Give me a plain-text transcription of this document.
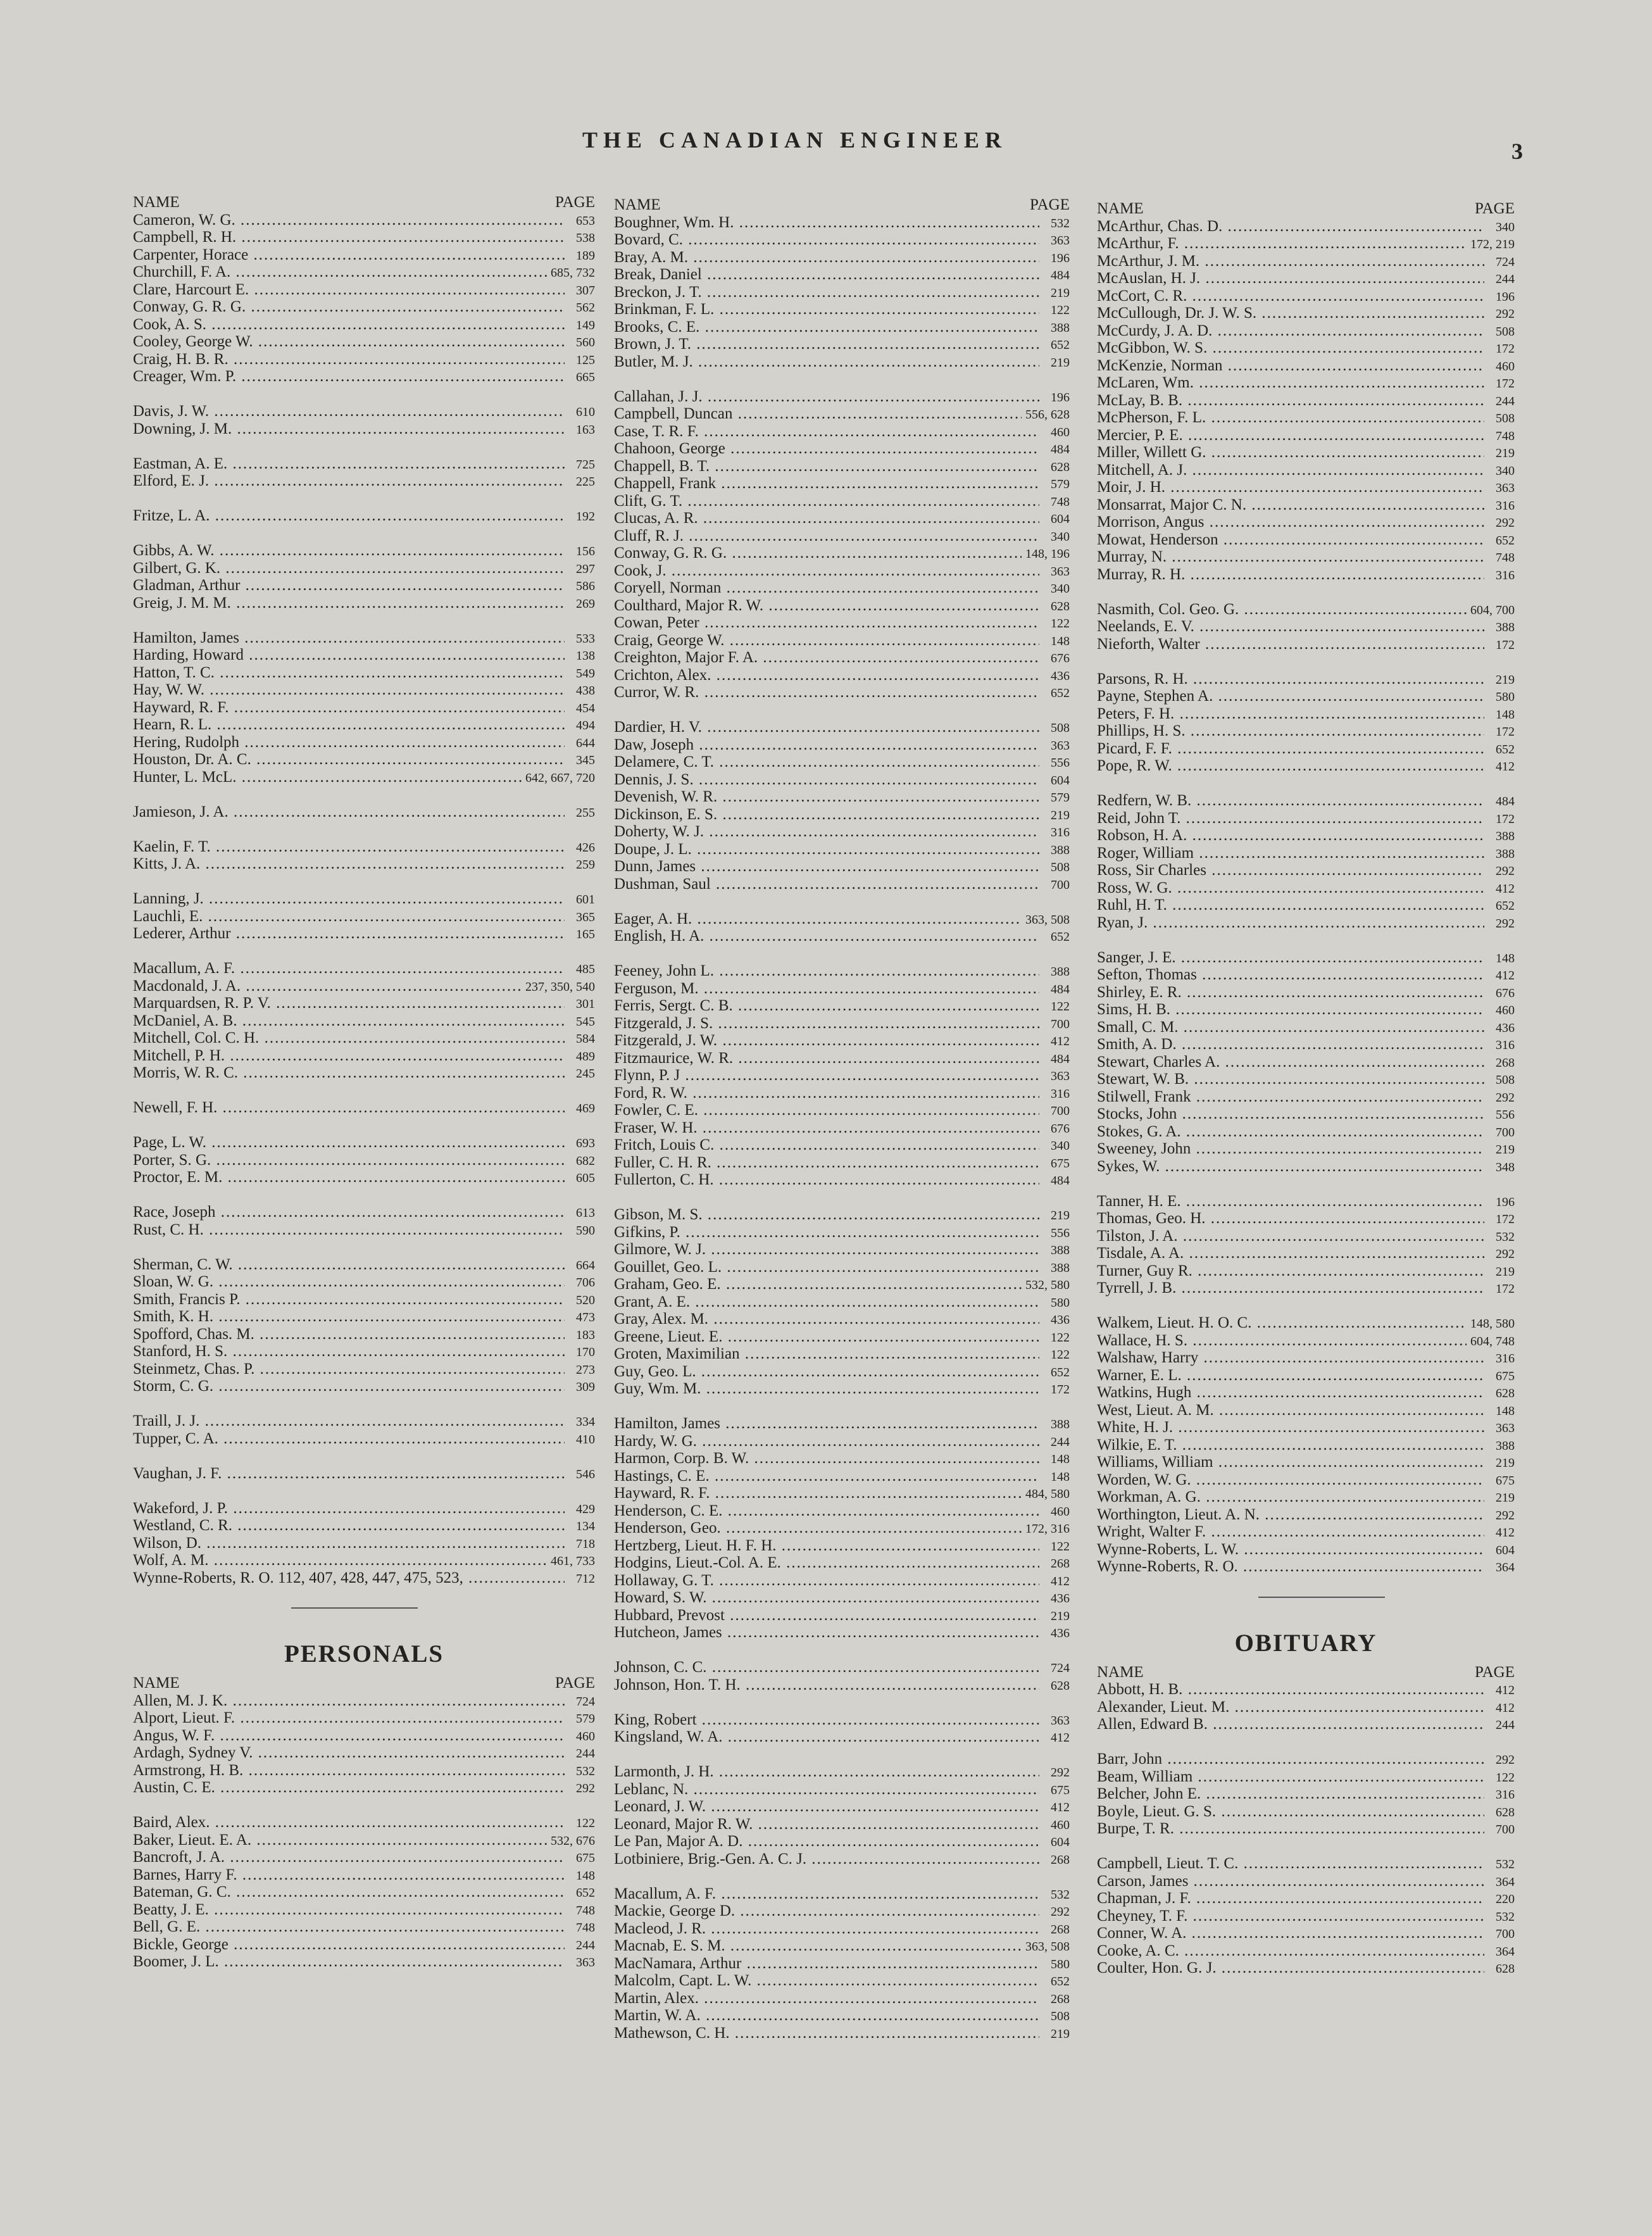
THE CANADIAN ENGINEER	3
NAME	PAGE
Cameron, W. G. .....	653
Campbell, R. H. .....	538
Carpenter, Horace .....	189
Churchill, F. A. .....	685, 732
Clare, Harcourt E. .....	307
Conway, G. R. G. .....	562
Cook, A. S. .....	149
Cooley, George W. .....	560
Craig, H. B. R. .....	125
Creager, Wm. P. .....	665
Davis, J. W. .....	610
Downing, J. M. .....	163
Eastman, A. E. .....	725
Elford, E. J. .....	225
Fritze, L. A. .....	192
Gibbs, A. W. .....	156
Gilbert, G. K. .....	297
Gladman, Arthur .....	586
Greig, J. M. M. .....	269
Hamilton, James .....	533
Harding, Howard .....	138
Hatton, T. C. .....	549
Hay, W. W. .....	438
Hayward, R. F. .....	454
Hearn, R. L. .....	494
Hering, Rudolph .....	644
Houston, Dr. A. C. .....	345
Hunter, L. McL. .....	642, 667, 720
Jamieson, J. A. .....	255
Kaelin, F. T. .....	426
Kitts, J. A. .....	259
Lanning, J. .....	601
Lauchli, E. .....	365
Lederer, Arthur .....	165
Macallum, A. F. .....	485
Macdonald, J. A. .....	237, 350, 540
Marquardsen, R. P. V. .....	301
McDaniel, A. B. .....	545
Mitchell, Col. C. H. .....	584
Mitchell, P. H. .....	489
Morris, W. R. C. .....	245
Newell, F. H. .....	469
Page, L. W. .....	693
Porter, S. G. .....	682
Proctor, E. M. .....	605
Race, Joseph .....	613
Rust, C. H. .....	590
Sherman, C. W. .....	664
Sloan, W. G. .....	706
Smith, Francis P. .....	520
Smith, K. H. .....	473
Spofford, Chas. M. .....	183
Stanford, H. S. .....	170
Steinmetz, Chas. P. .....	273
Storm, C. G. .....	309
Traill, J. J. .....	334
Tupper, C. A. .....	410
Vaughan, J. F. .....	546
Wakeford, J. P. .....	429
Westland, C. R. .....	134
Wilson, D. .....	718
Wolf, A. M. .....	461, 733
Wynne-Roberts, R. O. 112, 407, 428, 447, 475, 523, .....	712
PERSONALS
NAME	PAGE
Allen, M. J. K. .....	724
Alport, Lieut. F. .....	579
Angus, W. F. .....	460
Ardagh, Sydney V. .....	244
Armstrong, H. B. .....	532
Austin, C. E. .....	292
Baird, Alex. .....	122
Baker, Lieut. E. A. .....	532, 676
Bancroft, J. A. .....	675
Barnes, Harry F. .....	148
Bateman, G. C. .....	652
Beatty, J. E. .....	748
Bell, G. E. .....	748
Bickle, George .....	244
Boomer, J. L. .....	363
NAME	PAGE
Boughner, Wm. H. .....	532
Bovard, C. .....	363
Bray, A. M. .....	196
Break, Daniel .....	484
Breckon, J. T. .....	219
Brinkman, F. L. .....	122
Brooks, C. E. .....	388
Brown, J. T. .....	652
Butler, M. J. .....	219
Callahan, J. J. .....	196
Campbell, Duncan .....	556, 628
Case, T. R. F. .....	460
Chahoon, George .....	484
Chappell, B. T. .....	628
Chappell, Frank .....	579
Clift, G. T. .....	748
Clucas, A. R. .....	604
Cluff, R. J. .....	340
Conway, G. R. G. .....	148, 196
Cook, J. .....	363
Coryell, Norman .....	340
Coulthard, Major R. W. .....	628
Cowan, Peter .....	122
Craig, George W. .....	148
Creighton, Major F. A. .....	676
Crichton, Alex. .....	436
Curror, W. R. .....	652
Dardier, H. V. .....	508
Daw, Joseph .....	363
Delamere, C. T. .....	556
Dennis, J. S. .....	604
Devenish, W. R. .....	579
Dickinson, E. S. .....	219
Doherty, W. J. .....	316
Doupe, J. L. .....	388
Dunn, James .....	508
Dushman, Saul .....	700
Eager, A. H. .....	363, 508
English, H. A. .....	652
Feeney, John L. .....	388
Ferguson, M. .....	484
Ferris, Sergt. C. B. .....	122
Fitzgerald, J. S. .....	700
Fitzgerald, J. W. .....	412
Fitzmaurice, W. R. .....	484
Flynn, P. J .....	363
Ford, R. W. .....	316
Fowler, C. E. .....	700
Fraser, W. H. .....	676
Fritch, Louis C. .....	340
Fuller, C. H. R. .....	675
Fullerton, C. H. .....	484
Gibson, M. S. .....	219
Gifkins, P. .....	556
Gilmore, W. J. .....	388
Gouillet, Geo. L. .....	388
Graham, Geo. E. .....	532, 580
Grant, A. E. .....	580
Gray, Alex. M. .....	436
Greene, Lieut. E. .....	122
Groten, Maximilian .....	122
Guy, Geo. L. .....	652
Guy, Wm. M. .....	172
Hamilton, James .....	388
Hardy, W. G. .....	244
Harmon, Corp. B. W. .....	148
Hastings, C. E. .....	148
Hayward, R. F. .....	484, 580
Henderson, C. E. .....	460
Henderson, Geo. .....	172, 316
Hertzberg, Lieut. H. F. H. .....	122
Hodgins, Lieut.-Col. A. E. .....	268
Hollaway, G. T. .....	412
Howard, S. W. .....	436
Hubbard, Prevost .....	219
Hutcheon, James .....	436
Johnson, C. C. .....	724
Johnson, Hon. T. H. .....	628
King, Robert .....	363
Kingsland, W. A. .....	412
Larmonth, J. H. .....	292
Leblanc, N. .....	675
Leonard, J. W. .....	412
Leonard, Major R. W. .....	460
Le Pan, Major A. D. .....	604
Lotbiniere, Brig.-Gen. A. C. J. .....	268
Macallum, A. F. .....	532
Mackie, George D. .....	292
Macleod, J. R. .....	268
Macnab, E. S. M. .....	363, 508
MacNamara, Arthur .....	580
Malcolm, Capt. L. W. .....	652
Martin, Alex. .....	268
Martin, W. A. .....	508
Mathewson, C. H. .....	219
NAME	PAGE
McArthur, Chas. D. .....	340
McArthur, F. .....	172, 219
McArthur, J. M. .....	724
McAuslan, H. J. .....	244
McCort, C. R. .....	196
McCullough, Dr. J. W. S. .....	292
McCurdy, J. A. D. .....	508
McGibbon, W. S. .....	172
McKenzie, Norman .....	460
McLaren, Wm. .....	172
McLay, B. B. .....	244
McPherson, F. L. .....	508
Mercier, P. E. .....	748
Miller, Willett G. .....	219
Mitchell, A. J. .....	340
Moir, J. H. .....	363
Monsarrat, Major C. N. .....	316
Morrison, Angus .....	292
Mowat, Henderson .....	652
Murray, N. .....	748
Murray, R. H. .....	316
Nasmith, Col. Geo. G. .....	604, 700
Neelands, E. V. .....	388
Nieforth, Walter .....	172
Parsons, R. H. .....	219
Payne, Stephen A. .....	580
Peters, F. H. .....	148
Phillips, H. S. .....	172
Picard, F. F. .....	652
Pope, R. W. .....	412
Redfern, W. B. .....	484
Reid, John T. .....	172
Robson, H. A. .....	388
Roger, William .....	388
Ross, Sir Charles .....	292
Ross, W. G. .....	412
Ruhl, H. T. .....	652
Ryan, J. .....	292
Sanger, J. E. .....	148
Sefton, Thomas .....	412
Shirley, E. R. .....	676
Sims, H. B. .....	460
Small, C. M. .....	436
Smith, A. D. .....	316
Stewart, Charles A. .....	268
Stewart, W. B. .....	508
Stilwell, Frank .....	292
Stocks, John .....	556
Stokes, G. A. .....	700
Sweeney, John .....	219
Sykes, W. .....	348
Tanner, H. E. .....	196
Thomas, Geo. H. .....	172
Tilston, J. A. .....	532
Tisdale, A. A. .....	292
Turner, Guy R. .....	219
Tyrrell, J. B. .....	172
Walkem, Lieut. H. O. C. .....	148, 580
Wallace, H. S. .....	604, 748
Walshaw, Harry .....	316
Warner, E. L. .....	675
Watkins, Hugh .....	628
West, Lieut. A. M. .....	148
White, H. J. .....	363
Wilkie, E. T. .....	388
Williams, William .....	219
Worden, W. G. .....	675
Workman, A. G. .....	219
Worthington, Lieut. A. N. .....	292
Wright, Walter F. .....	412
Wynne-Roberts, L. W. .....	604
Wynne-Roberts, R. O. .....	364
OBITUARY
NAME	PAGE
Abbott, H. B. .....	412
Alexander, Lieut. M. .....	412
Allen, Edward B. .....	244
Barr, John .....	292
Beam, William .....	122
Belcher, John E. .....	316
Boyle, Lieut. G. S. .....	628
Burpe, T. R. .....	700
Campbell, Lieut. T. C. .....	532
Carson, James .....	364
Chapman, J. F. .....	220
Cheyney, T. F. .....	532
Conner, W. A. .....	700
Cooke, A. C. .....	364
Coulter, Hon. G. J. .....	628
